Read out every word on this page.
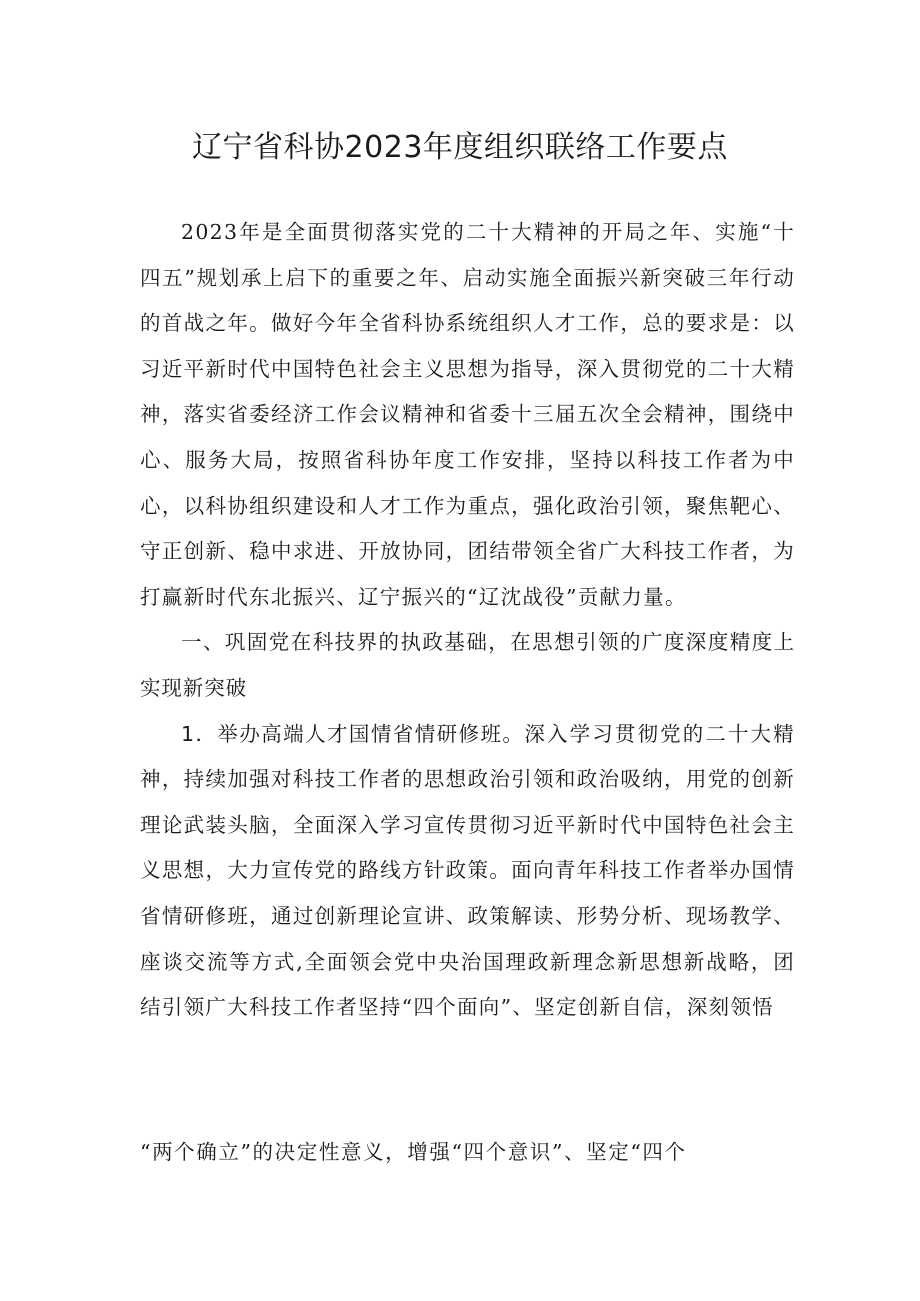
辽宁省科协2023年度组织联络工作要点

2023年是全面贯彻落实党的二十大精神的开局之年、实施“十四五”规划承上启下的重要之年、启动实施全面振兴新突破三年行动的首战之年。做好今年全省科协系统组织人才工作，总的要求是：以习近平新时代中国特色社会主义思想为指导，深入贯彻党的二十大精神，落实省委经济工作会议精神和省委十三届五次全会精神，围绕中心、服务大局，按照省科协年度工作安排，坚持以科技工作者为中心，以科协组织建设和人才工作为重点，强化政治引领，聚焦靶心、守正创新、稳中求进、开放协同，团结带领全省广大科技工作者，为打赢新时代东北振兴、辽宁振兴的“辽沈战役”贡献力量。

一、巩固党在科技界的执政基础，在思想引领的广度深度精度上实现新突破

1．举办高端人才国情省情研修班。深入学习贯彻党的二十大精神，持续加强对科技工作者的思想政治引领和政治吸纳，用党的创新理论武装头脑，全面深入学习宣传贯彻习近平新时代中国特色社会主义思想，大力宣传党的路线方针政策。面向青年科技工作者举办国情省情研修班，通过创新理论宣讲、政策解读、形势分析、现场教学、座谈交流等方式,全面领会党中央治国理政新理念新思想新战略，团结引领广大科技工作者坚持“四个面向”、坚定创新自信，深刻领悟

“两个确立”的决定性意义，增强“四个意识”、坚定“四个
